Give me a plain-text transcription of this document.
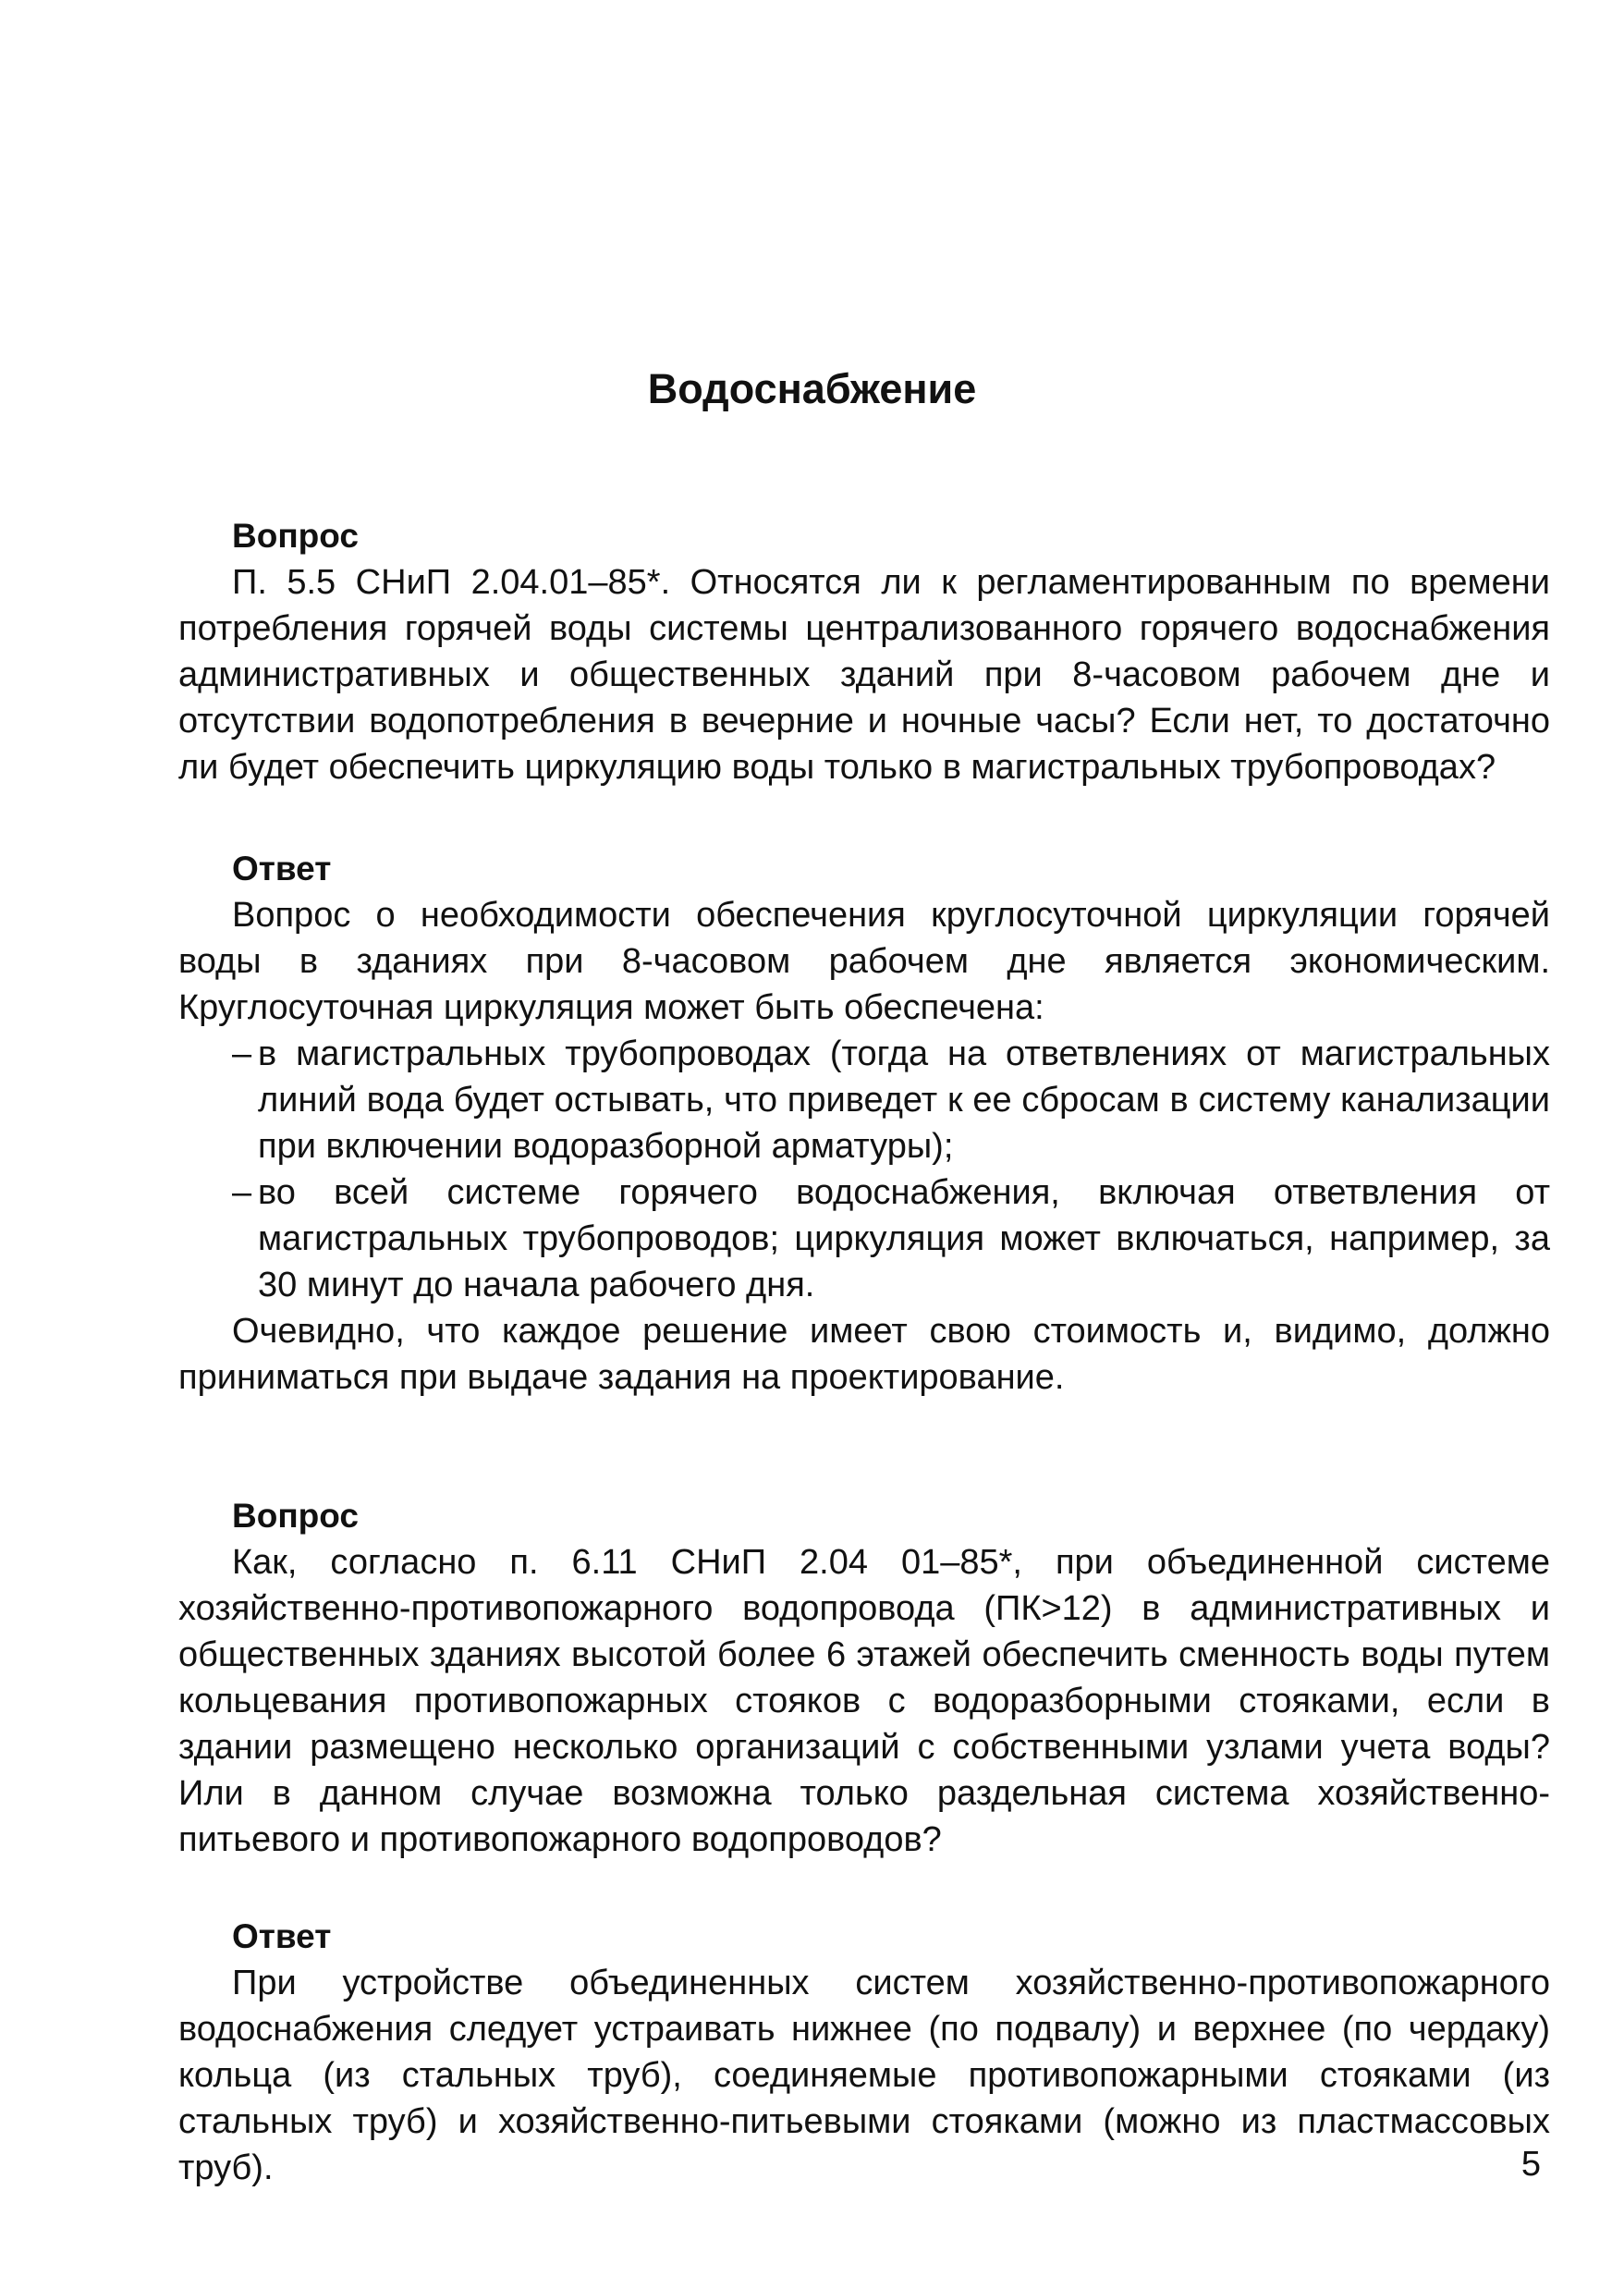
Водоснабжение
Вопрос

П. 5.5 СНиП 2.04.01–85*. Относятся ли к регламентированным по времени потребления горячей воды системы централизованного горячего водоснабжения административных и общественных зданий при 8-часовом рабочем дне и отсутствии водопотребления в вечерние и ночные часы? Если нет, то достаточно ли будет обеспечить циркуляцию воды только в магистральных трубопроводах?

Ответ

Вопрос о необходимости обеспечения круглосуточной циркуляции горячей воды в зданиях при 8-часовом рабочем дне является экономическим. Круглосуточная циркуляция может быть обеспечена:

– в магистральных трубопроводах (тогда на ответвлениях от магистральных линий вода будет остывать, что приведет к ее сбросам в систему канализации при включении водоразборной арматуры);
– во всей системе горячего водоснабжения, включая ответвления от магистральных трубопроводов; циркуляция может включаться, например, за 30 минут до начала рабочего дня.

Очевидно, что каждое решение имеет свою стоимость и, видимо, должно приниматься при выдаче задания на проектирование.

Вопрос

Как, согласно п. 6.11 СНиП 2.04 01–85*, при объединенной системе хозяйственно-противопожарного водопровода (ПК>12) в административных и общественных зданиях высотой более 6 этажей обеспечить сменность воды путем кольцевания противопожарных стояков с водоразборными стояками, если в здании размещено несколько организаций с собственными узлами учета воды? Или в данном случае возможна только раздельная система хозяйственно-питьевого и противопожарного водопроводов?

Ответ

При устройстве объединенных систем хозяйственно-противопожарного водоснабжения следует устраивать нижнее (по подвалу) и верхнее (по чердаку) кольца (из стальных труб), соединяемые противопожарными стояками (из стальных труб) и хозяйственно-питьевыми стояками (можно из пластмассовых труб).	5
